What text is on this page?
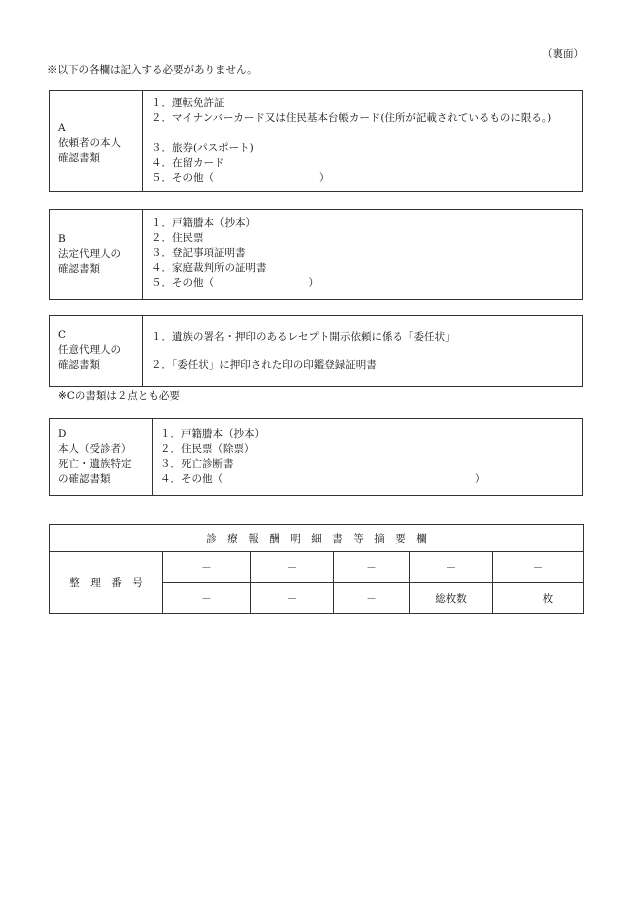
（裏面）
※以下の各欄は記入する必要がありません。
A
依頼者の本人
確認書類
１．運転免許証
２．マイナンバーカード又は住民基本台帳カード(住所が記載されているものに限る。)
３．旅券(パスポート)
４．在留カード
５．その他（　　　　　　　　　　）
B
法定代理人の
確認書類
１．戸籍謄本（抄本）
２．住民票
３．登記事項証明書
４．家庭裁判所の証明書
５．その他（　　　　　　　　　）
C
任意代理人の
確認書類
１．遺族の署名・押印のあるレセプト開示依頼に係る「委任状」
２．「委任状」に押印された印の印鑑登録証明書
※Cの書類は２点とも必要
D
本人（受診者）
死亡・遺族特定
の確認書類
１．戸籍謄本（抄本）
２．住民票（除票）
３．死亡診断書
４．その他（　　　　　　　　　　　　　　　　　　　　　　　　）
診　療　報　酬　明　細　書　等　摘　要　欄					
整　理　番　号	－	－	－	－	－
	－	－	－	総枚数	枚
